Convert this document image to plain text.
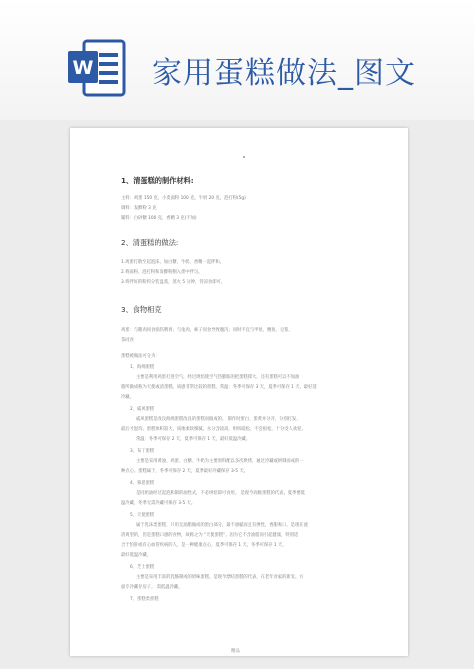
W 家用蛋糕做法_图文
1、清蛋糕的制作材料:
主料：鸡蛋 150 克，小麦面粉 100 克，牛奶 20 克，泡打粉(5g)
调料：发酵粉 3 克
辅料：白砂糖 100 克，香精 3 克(不加)
2、清蛋糕的做法:
1.鸡蛋打散至起泡沫，加白糖、牛奶、香精一起拌和。
2.将面粉、泡打粉和发酵粉倒入蛋中拌匀。
3.将拌好的粉料分装盘蒸，蒸火 5 分钟，待凉食即可。
3、食物相克
鸡蛋：与鹅肉同食损伤脾胃；与兔肉、柿子同食导致腹泻；同时不宜与甲鱼、鲤鱼、豆浆、
茶同食
蛋糕被做法可分为：
1、海绵蛋糕
主要是利用鸡蛋打进空气，经过烘焙使空气热膨胀的把蛋糕撑大。还有蛋糕可以不加油
脂所做成称为天使或清蛋糕。质感非常比较的蛋糕，常温：冬季可保存 3 天，夏季可保存 1 天，最好适
冷藏。
2、戚风蛋糕
戚风蛋糕是改良海绵蛋糕改良的蛋糕而做成的。 制作时蛋白、蛋黄并分开，分别打发，
最后才混均。蛋糕体积较大，质地柔软细腻，水分含较高，组织疏松，不会很松，十分受人欢迎。
常温：冬季可保存 2 天，夏季可保存 1 天，最好低温冷藏。
3、布丁蛋糕
主要是采用黄油、鸡蛋、白糖、牛奶为主要原料配以多次烘烤，通过冷藏或烘制而成的一
种点心。蛋糕属于，冬季可保存 2 天，夏季最好冷藏保存 3-5 天。
4、慕思蛋糕
是同奶油经过起泡和制的油性式，不必烘焙即可食用。 是现今高级蛋糕的代表。夏季要低
温冷藏，冬季无需冷藏可保存 3-5 天。
5、天使蛋糕
属于乳沫类蛋糕，只用无油脂做成的蛋白部分，最不油腻而且有弹性，香甜爽口，是现在流
清爽型的，但是蛋糕口感的食物，故称之为 "天使蛋糕"。因为它不含油脂而引起健康，特别适
合于怕肝或有心血管疾病的人，是一种健康点心，夏季可保存 1 天，冬季可保存 1 天，
最好低温冷藏。
6、芝士蛋糕
主要是采用丰富的乳酪制成的奶味蛋糕。是现今漂结蛋糕的代表，在老年食家的新宠。方
面专冷藏存房子。 需低温冷藏。
7、蛋糕类蛋糕
精品
